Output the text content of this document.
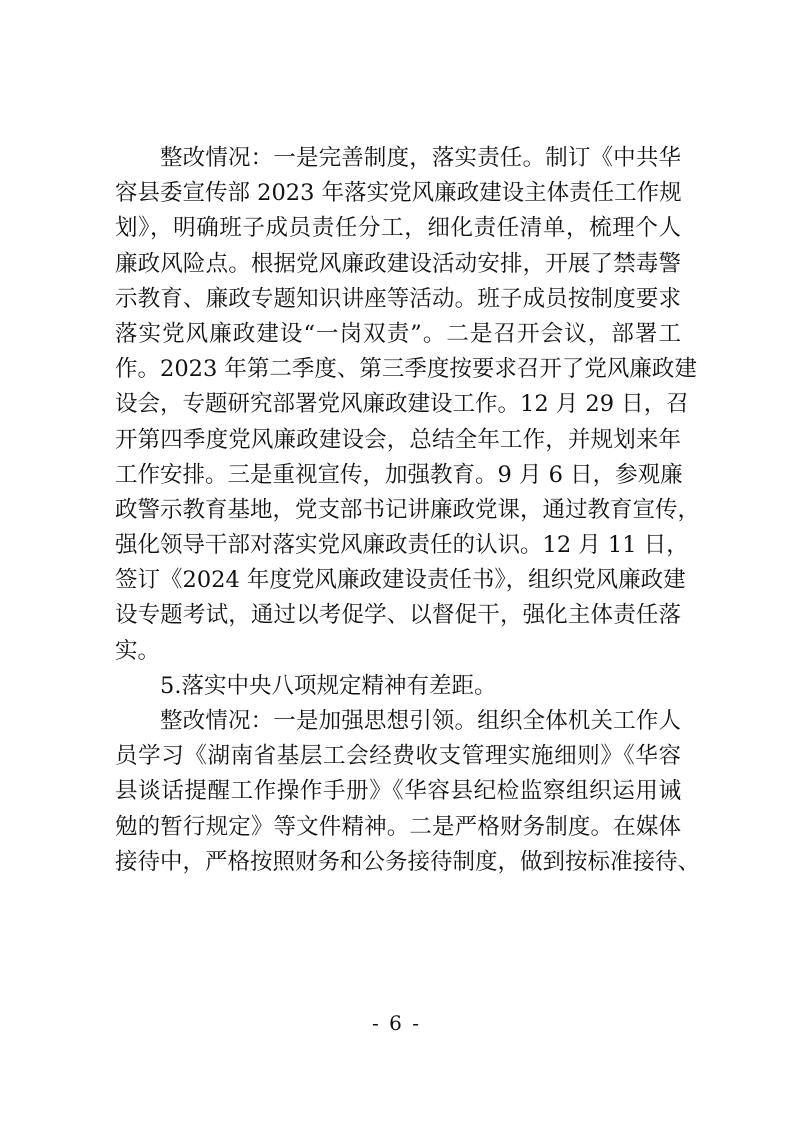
整改情况：一是完善制度，落实责任。制订《中共华
容县委宣传部 2023 年落实党风廉政建设主体责任工作规
划》，明确班子成员责任分工，细化责任清单，梳理个人
廉政风险点。根据党风廉政建设活动安排，开展了禁毒警
示教育、廉政专题知识讲座等活动。班子成员按制度要求
落实党风廉政建设“一岗双责”。二是召开会议，部署工
作。2023 年第二季度、第三季度按要求召开了党风廉政建
设会，专题研究部署党风廉政建设工作。12 月 29 日，召
开第四季度党风廉政建设会，总结全年工作，并规划来年
工作安排。三是重视宣传，加强教育。9 月 6 日，参观廉
政警示教育基地，党支部书记讲廉政党课，通过教育宣传，
强化领导干部对落实党风廉政责任的认识。12 月 11 日，
签订《2024 年度党风廉政建设责任书》，组织党风廉政建
设专题考试，通过以考促学、以督促干，强化主体责任落
实。
5.落实中央八项规定精神有差距。
整改情况：一是加强思想引领。组织全体机关工作人
员学习《湖南省基层工会经费收支管理实施细则》《华容
县谈话提醒工作操作手册》《华容县纪检监察组织运用诫
勉的暂行规定》等文件精神。二是严格财务制度。在媒体
接待中，严格按照财务和公务接待制度，做到按标准接待、
- 6 -
